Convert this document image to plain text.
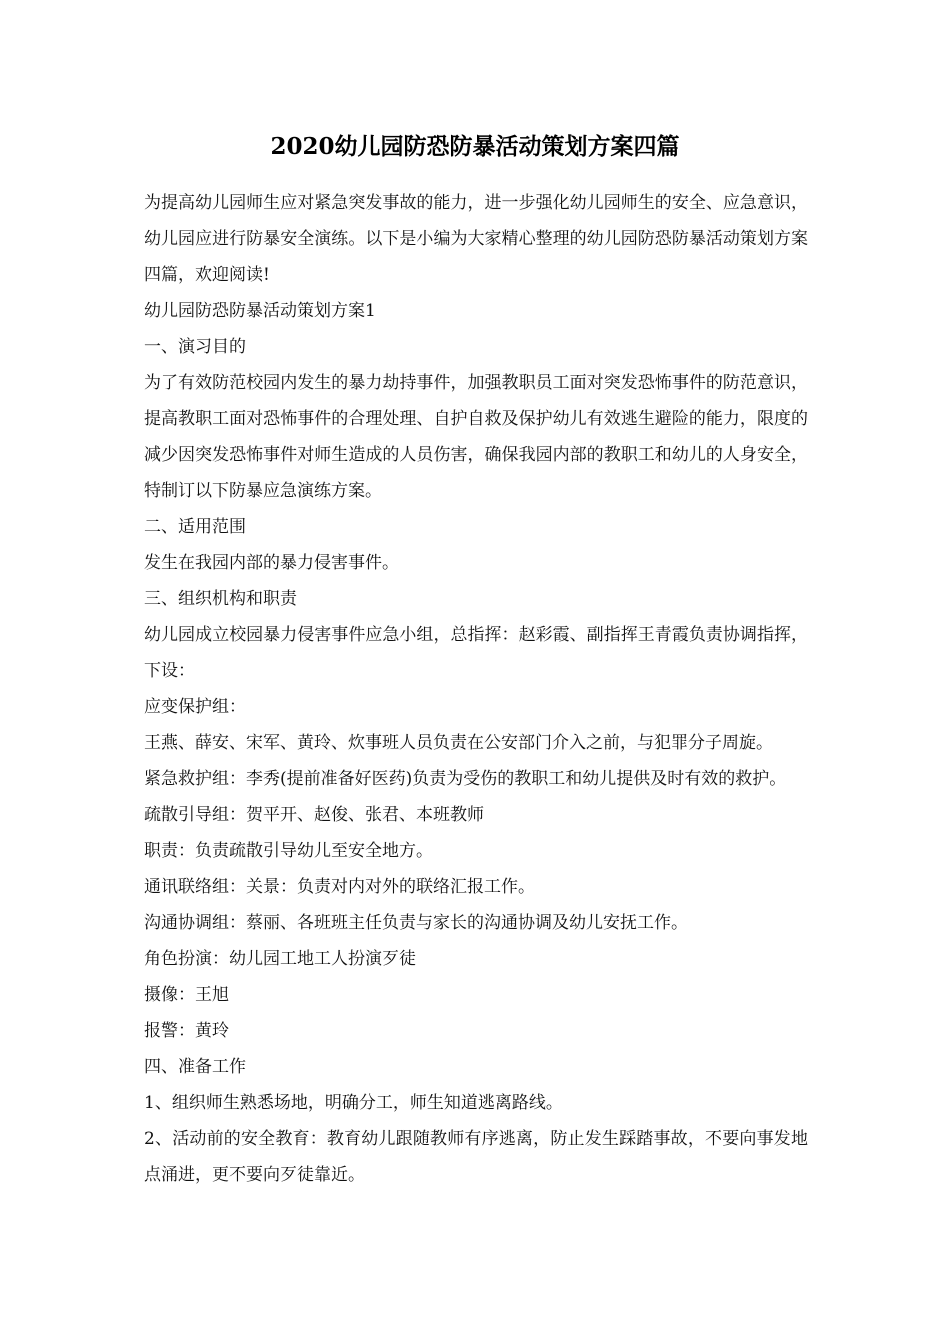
2020幼儿园防恐防暴活动策划方案四篇

为提高幼儿园师生应对紧急突发事故的能力，进一步强化幼儿园师生的安全、应急意识，幼儿园应进行防暴安全演练。以下是小编为大家精心整理的幼儿园防恐防暴活动策划方案四篇，欢迎阅读!

幼儿园防恐防暴活动策划方案1

一、演习目的

为了有效防范校园内发生的暴力劫持事件，加强教职员工面对突发恐怖事件的防范意识，提高教职工面对恐怖事件的合理处理、自护自救及保护幼儿有效逃生避险的能力，限度的减少因突发恐怖事件对师生造成的人员伤害，确保我园内部的教职工和幼儿的人身安全，特制订以下防暴应急演练方案。

二、适用范围

发生在我园内部的暴力侵害事件。

三、组织机构和职责

幼儿园成立校园暴力侵害事件应急小组，总指挥：赵彩霞、副指挥王青霞负责协调指挥，下设：

应变保护组：

王燕、薛安、宋军、黄玲、炊事班人员负责在公安部门介入之前，与犯罪分子周旋。

紧急救护组：李秀(提前准备好医药)负责为受伤的教职工和幼儿提供及时有效的救护。

疏散引导组：贺平开、赵俊、张君、本班教师

职责：负责疏散引导幼儿至安全地方。

通讯联络组：关景：负责对内对外的联络汇报工作。

沟通协调组：蔡丽、各班班主任负责与家长的沟通协调及幼儿安抚工作。

角色扮演：幼儿园工地工人扮演歹徒

摄像：王旭

报警：黄玲

四、准备工作

1、组织师生熟悉场地，明确分工，师生知道逃离路线。

2、活动前的安全教育：教育幼儿跟随教师有序逃离，防止发生踩踏事故，不要向事发地点涌进，更不要向歹徒靠近。
